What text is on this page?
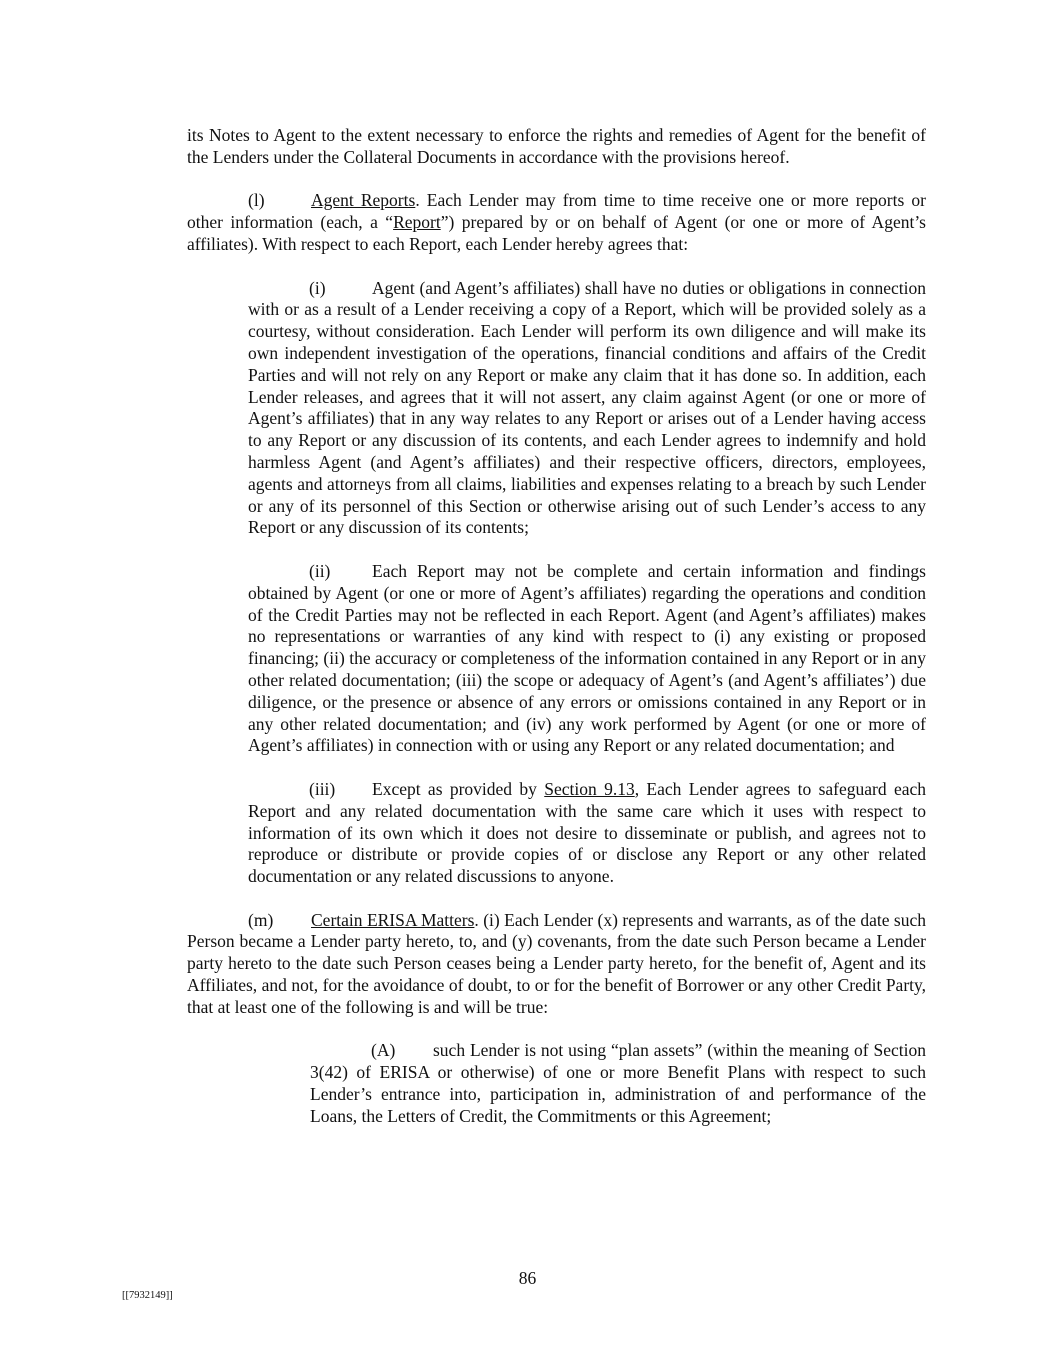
its Notes to Agent to the extent necessary to enforce the rights and remedies of Agent for the benefit of the Lenders under the Collateral Documents in accordance with the provisions hereof.

(l)	Agent Reports. Each Lender may from time to time receive one or more reports or other information (each, a “Report”) prepared by or on behalf of Agent (or one or more of Agent’s affiliates). With respect to each Report, each Lender hereby agrees that:

(i)	Agent (and Agent’s affiliates) shall have no duties or obligations in connection with or as a result of a Lender receiving a copy of a Report, which will be provided solely as a courtesy, without consideration. Each Lender will perform its own diligence and will make its own independent investigation of the operations, financial conditions and affairs of the Credit Parties and will not rely on any Report or make any claim that it has done so. In addition, each Lender releases, and agrees that it will not assert, any claim against Agent (or one or more of Agent’s affiliates) that in any way relates to any Report or arises out of a Lender having access to any Report or any discussion of its contents, and each Lender agrees to indemnify and hold harmless Agent (and Agent’s affiliates) and their respective officers, directors, employees, agents and attorneys from all claims, liabilities and expenses relating to a breach by such Lender or any of its personnel of this Section or otherwise arising out of such Lender’s access to any Report or any discussion of its contents;

(ii) Each Report may not be complete and certain information and findings obtained by Agent (or one or more of Agent’s affiliates) regarding the operations and condition of the Credit Parties may not be reflected in each Report. Agent (and Agent’s affiliates) makes no representations or warranties of any kind with respect to (i) any existing or proposed financing; (ii) the accuracy or completeness of the information contained in any Report or in any other related documentation; (iii) the scope or adequacy of Agent’s (and Agent’s affiliates’) due diligence, or the presence or absence of any errors or omissions contained in any Report or in any other related documentation; and (iv) any work performed by Agent (or one or more of Agent’s affiliates) in connection with or using any Report or any related documentation; and

(iii) Except as provided by Section 9.13, Each Lender agrees to safeguard each Report and any related documentation with the same care which it uses with respect to information of its own which it does not desire to disseminate or publish, and agrees not to reproduce or distribute or provide copies of or disclose any Report or any other related documentation or any related discussions to anyone.

(m) Certain ERISA Matters. (i) Each Lender (x) represents and warrants, as of the date such Person became a Lender party hereto, to, and (y) covenants, from the date such Person became a Lender party hereto to the date such Person ceases being a Lender party hereto, for the benefit of, Agent and its Affiliates, and not, for the avoidance of doubt, to or for the benefit of Borrower or any other Credit Party, that at least one of the following is and will be true:

(A) such Lender is not using “plan assets” (within the meaning of Section 3(42) of ERISA or otherwise) of one or more Benefit Plans with respect to such Lender’s entrance into, participation in, administration of and performance of the Loans, the Letters of Credit, the Commitments or this Agreement;

86
[[7932149]]
